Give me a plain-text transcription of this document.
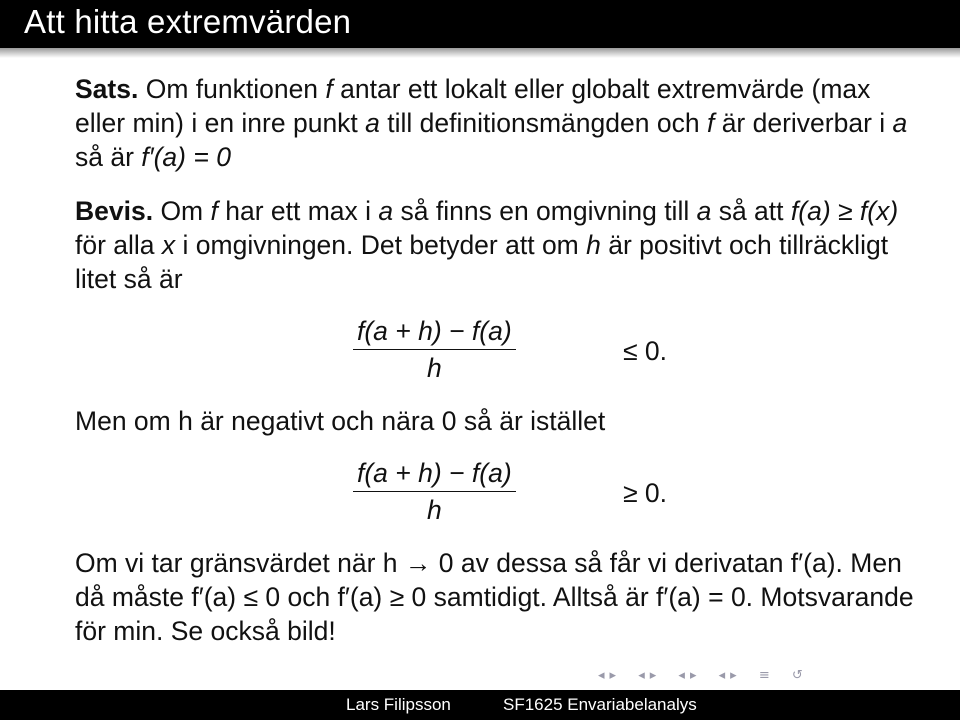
Att hitta extremvärden

Sats. Om funktionen f antar ett lokalt eller globalt extremvärde (max eller min) i en inre punkt a till definitionsmängden och f är deriverbar i a så är f′(a) = 0

Bevis. Om f har ett max i a så finns en omgivning till a så att f(a) ≥ f(x) för alla x i omgivningen. Det betyder att om h är positivt och tillräckligt litet så är

$\frac{f(a + h) - f(a)}{h}$	≤ 0.

Men om h är negativt och nära 0 så är istället

$\frac{f(a + h) - f(a)}{h}$	≥ 0.

Om vi tar gränsvärdet när h → 0 av dessa så får vi derivatan f′(a). Men då måste f′(a) ≤ 0 och f′(a) ≥ 0 samtidigt. Alltså är f′(a) = 0. Motsvarande för min. Se också bild!

◂ ▸ ◂ ▸ ◂ ▸ ◂ ▸ ≡ ↺
Lars Filipsson	SF1625 Envariabelanalys
